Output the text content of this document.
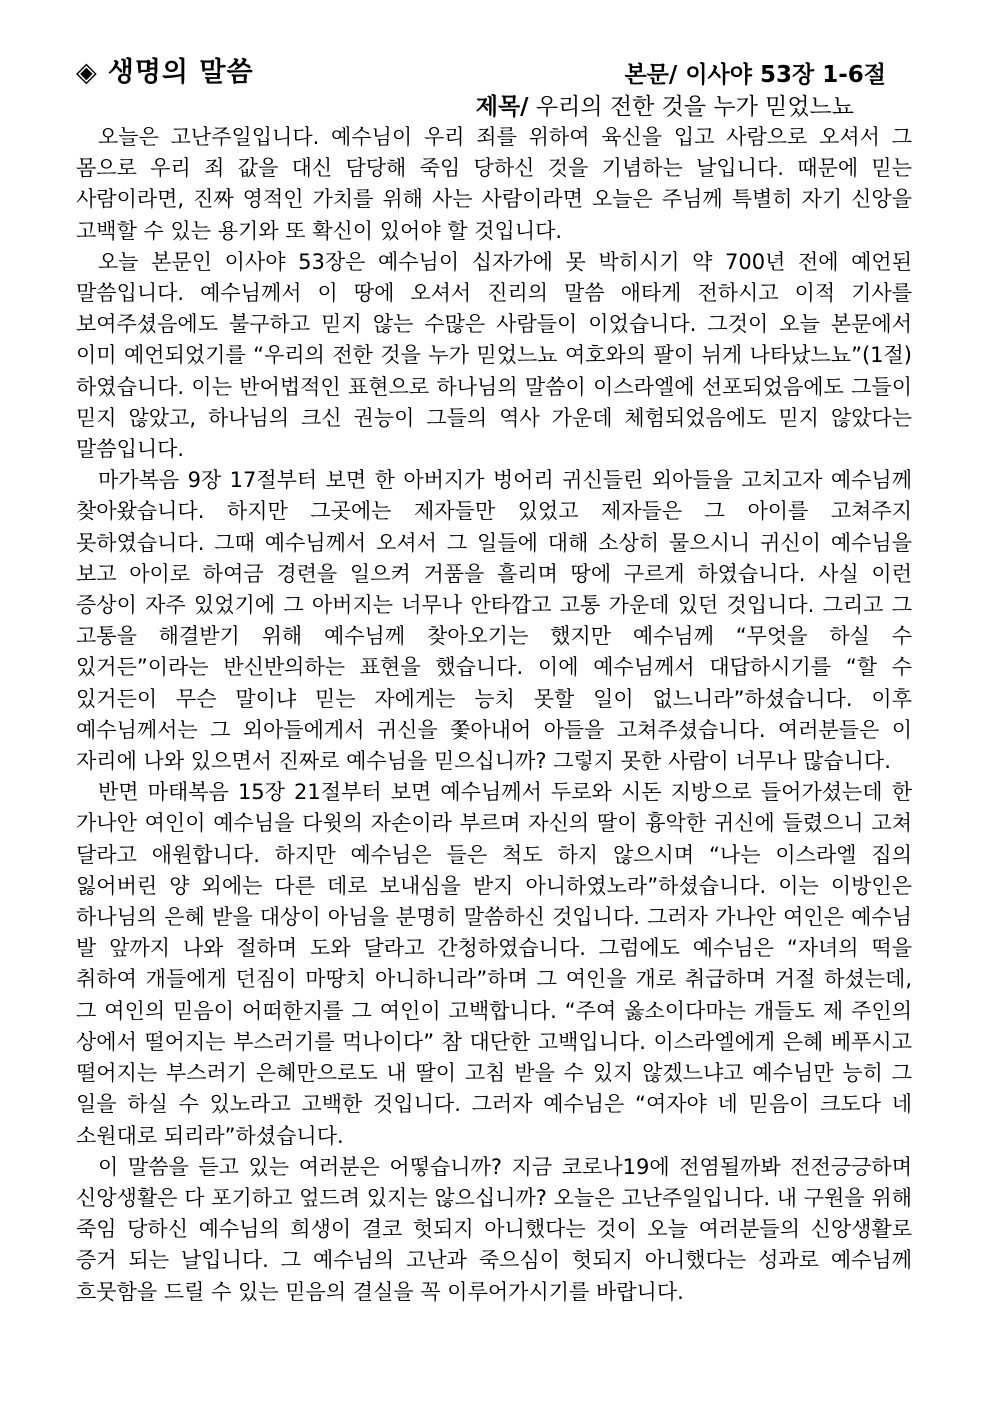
◈ 생명의 말씀	본문/ 이사야 53장 1-6절
제목/ 우리의 전한 것을 누가 믿었느뇨

오늘은 고난주일입니다. 예수님이 우리 죄를 위하여 육신을 입고 사람으로 오셔서 그 몸으로 우리 죄 값을 대신 담당해 죽임 당하신 것을 기념하는 날입니다. 때문에 믿는 사람이라면, 진짜 영적인 가치를 위해 사는 사람이라면 오늘은 주님께 특별히 자기 신앙을 고백할 수 있는 용기와 또 확신이 있어야 할 것입니다.

오늘 본문인 이사야 53장은 예수님이 십자가에 못 박히시기 약 700년 전에 예언된 말씀입니다. 예수님께서 이 땅에 오셔서 진리의 말씀 애타게 전하시고 이적 기사를 보여주셨음에도 불구하고 믿지 않는 수많은 사람들이 이었습니다. 그것이 오늘 본문에서 이미 예언되었기를 “우리의 전한 것을 누가 믿었느뇨 여호와의 팔이 뉘게 나타났느뇨”(1절) 하였습니다. 이는 반어법적인 표현으로 하나님의 말씀이 이스라엘에 선포되었음에도 그들이 믿지 않았고, 하나님의 크신 권능이 그들의 역사 가운데 체험되었음에도 믿지 않았다는 말씀입니다.

마가복음 9장 17절부터 보면 한 아버지가 벙어리 귀신들린 외아들을 고치고자 예수님께 찾아왔습니다. 하지만 그곳에는 제자들만 있었고 제자들은 그 아이를 고쳐주지 못하였습니다. 그때 예수님께서 오셔서 그 일들에 대해 소상히 물으시니 귀신이 예수님을 보고 아이로 하여금 경련을 일으켜 거품을 흘리며 땅에 구르게 하였습니다. 사실 이런 증상이 자주 있었기에 그 아버지는 너무나 안타깝고 고통 가운데 있던 것입니다. 그리고 그 고통을 해결받기 위해 예수님께 찾아오기는 했지만 예수님께 “무엇을 하실 수 있거든”이라는 반신반의하는 표현을 했습니다. 이에 예수님께서 대답하시기를 “할 수 있거든이 무슨 말이냐 믿는 자에게는 능치 못할 일이 없느니라”하셨습니다. 이후 예수님께서는 그 외아들에게서 귀신을 쫓아내어 아들을 고쳐주셨습니다. 여러분들은 이 자리에 나와 있으면서 진짜로 예수님을 믿으십니까? 그렇지 못한 사람이 너무나 많습니다.

반면 마태복음 15장 21절부터 보면 예수님께서 두로와 시돈 지방으로 들어가셨는데 한 가나안 여인이 예수님을 다윗의 자손이라 부르며 자신의 딸이 흉악한 귀신에 들렸으니 고쳐 달라고 애원합니다. 하지만 예수님은 들은 척도 하지 않으시며 “나는 이스라엘 집의 잃어버린 양 외에는 다른 데로 보내심을 받지 아니하였노라”하셨습니다. 이는 이방인은 하나님의 은혜 받을 대상이 아님을 분명히 말씀하신 것입니다. 그러자 가나안 여인은 예수님 발 앞까지 나와 절하며 도와 달라고 간청하였습니다. 그럼에도 예수님은 “자녀의 떡을 취하여 개들에게 던짐이 마땅치 아니하니라”하며 그 여인을 개로 취급하며 거절 하셨는데, 그 여인의 믿음이 어떠한지를 그 여인이 고백합니다. “주여 옳소이다마는 개들도 제 주인의 상에서 떨어지는 부스러기를 먹나이다” 참 대단한 고백입니다. 이스라엘에게 은혜 베푸시고 떨어지는 부스러기 은혜만으로도 내 딸이 고침 받을 수 있지 않겠느냐고 예수님만 능히 그 일을 하실 수 있노라고 고백한 것입니다. 그러자 예수님은 “여자야 네 믿음이 크도다 네 소원대로 되리라”하셨습니다.

이 말씀을 듣고 있는 여러분은 어떻습니까? 지금 코로나19에 전염될까봐 전전긍긍하며 신앙생활은 다 포기하고 엎드려 있지는 않으십니까? 오늘은 고난주일입니다. 내 구원을 위해 죽임 당하신 예수님의 희생이 결코 헛되지 아니했다는 것이 오늘 여러분들의 신앙생활로 증거 되는 날입니다. 그 예수님의 고난과 죽으심이 헛되지 아니했다는 성과로 예수님께 흐뭇함을 드릴 수 있는 믿음의 결실을 꼭 이루어가시기를 바랍니다.
